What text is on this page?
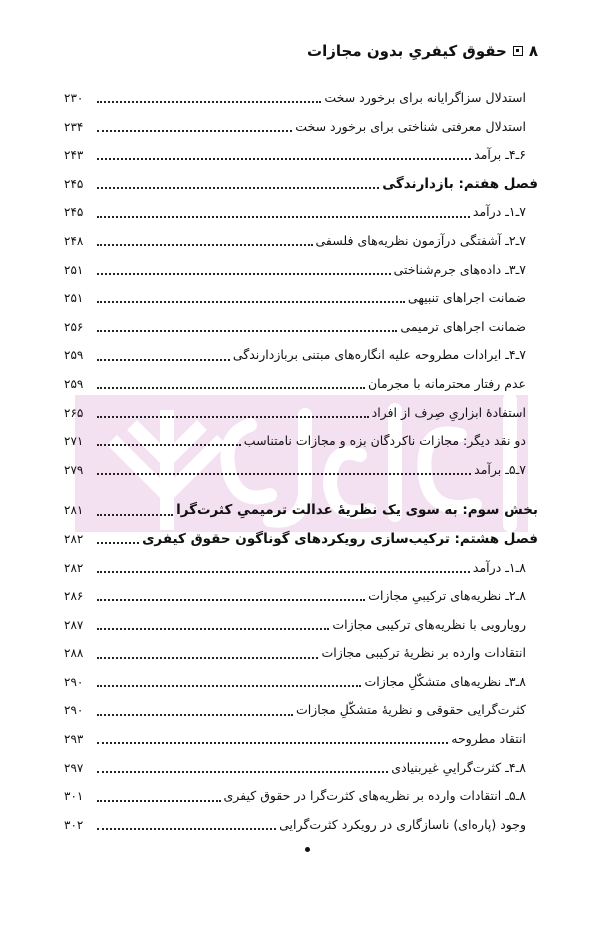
۸
حقوق کیفریِ بدون مجازات
استدلال سزاگرایانه برای برخورد سخت
۲۳۰
استدلال معرفتی شناختی برای برخورد سخت
۲۳۴
۶ـ۴ـ برآمد
۲۴۳
فصل هفتم: بازدارندگی
۲۴۵
۷ـ۱ـ درآمد
۲۴۵
۷ـ۲ـ آشفتگی درآزمون نظریه‌های فلسفی
۲۴۸
۷ـ۳ـ داده‌های جرم‌شناختی
۲۵۱
ضمانت اجراهای تنبیهی
۲۵۱
ضمانت اجراهای ترمیمی
۲۵۶
۷ـ۴ـ ایرادات مطروحه علیه انگاره‌های مبتنی بربازدارندگی
۲۵۹
عدم رفتار محترمانه با مجرمان
۲۵۹
استفادهٔ ابزاریِ صِرف از افراد
۲۶۵
دو نقد دیگر: مجازات ناکردگان بزه و مجازات نامتناسب
۲۷۱
۷ـ۵ـ برآمد
۲۷۹
بخش سوم: به سوی یک نظریهٔ عدالت ترمیمیِ کثرت‌گرا
۲۸۱
فصل هشتم: ترکیب‌سازی رویکردهای گوناگون حقوق کیفری
۲۸۲
۸ـ۱ـ درآمد
۲۸۲
۸ـ۲ـ نظریه‌های ترکیبیِ مجازات
۲۸۶
رویارویی با نظریه‌های ترکیبی مجازات
۲۸۷
انتقادات وارده بر نظریهٔ ترکیبی مجازات
۲۸۸
۸ـ۳ـ نظریه‌های متشکّلِ مجازات
۲۹۰
کثرت‌گرایی حقوقی و نظریهٔ متشکّلِ مجازات
۲۹۰
انتقاد مطروحه
۲۹۳
۸ـ۴ـ کثرت‌گراییِ غیربنیادی
۲۹۷
۸ـ۵ـ انتقادات وارده بر نظریه‌های کثرت‌گرا در حقوق کیفری
۳۰۱
وجود (پاره‌ای) ناسازگاری در رویکرد کثرت‌گرایی
۳۰۲
